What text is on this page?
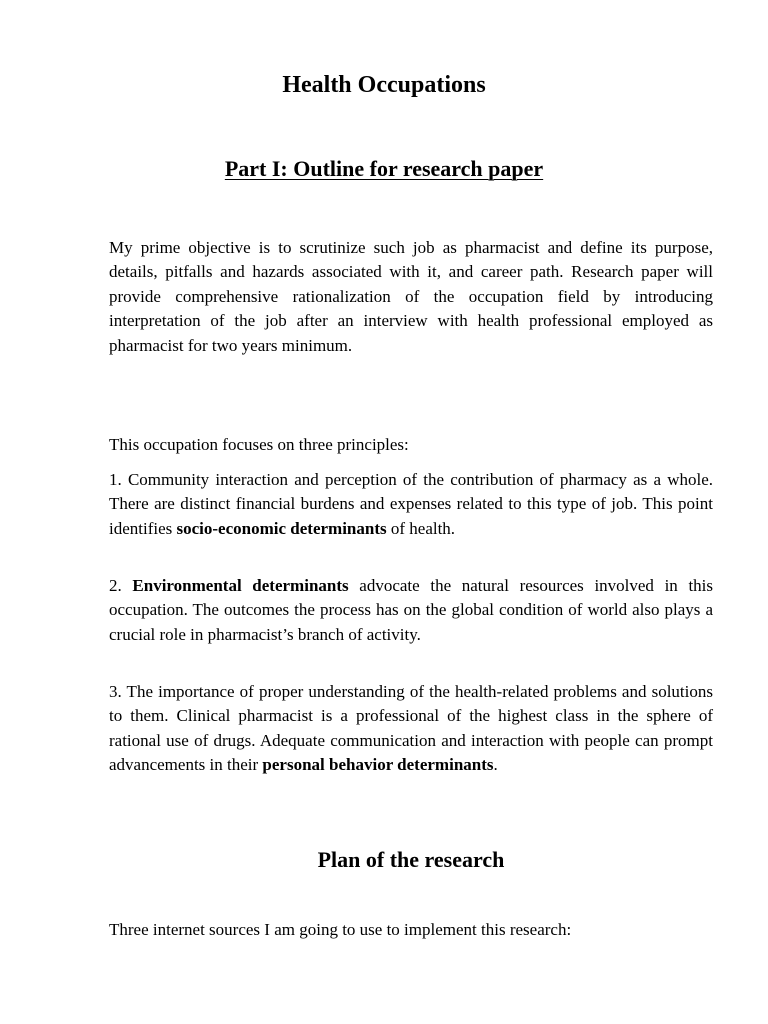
Health Occupations
Part I: Outline for research paper

My prime objective is to scrutinize such job as pharmacist and define its purpose, details, pitfalls and hazards associated with it, and career path. Research paper will provide comprehensive rationalization of the occupation field by introducing interpretation of the job after an interview with health professional employed as pharmacist for two years minimum.

This occupation focuses on three principles:

1. Community interaction and perception of the contribution of pharmacy as a whole. There are distinct financial burdens and expenses related to this type of job. This point identifies socio-economic determinants of health.

2. Environmental determinants advocate the natural resources involved in this occupation. The outcomes the process has on the global condition of world also plays a crucial role in pharmacist’s branch of activity.

3. The importance of proper understanding of the health-related problems and solutions to them. Clinical pharmacist is a professional of the highest class in the sphere of rational use of drugs. Adequate communication and interaction with people can prompt advancements in their personal behavior determinants.

Plan of the research

Three internet sources I am going to use to implement this research:
